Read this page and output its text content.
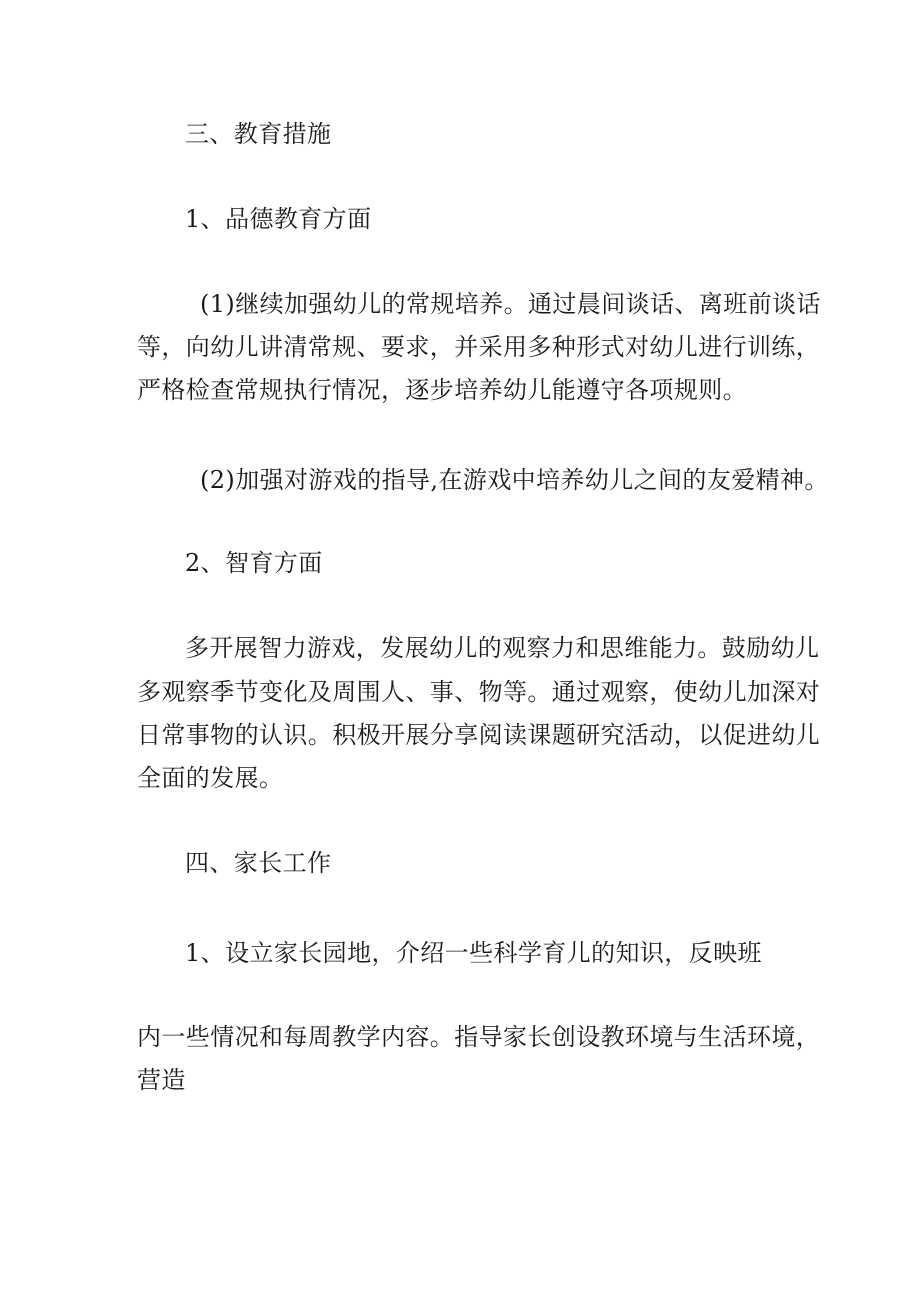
三、教育措施
1、品德教育方面
(1)继续加强幼儿的常规培养。通过晨间谈话、离班前谈话
等，向幼儿讲清常规、要求，并采用多种形式对幼儿进行训练，
严格检查常规执行情况，逐步培养幼儿能遵守各项规则。
(2)加强对游戏的指导,在游戏中培养幼儿之间的友爱精神。
2、智育方面
多开展智力游戏，发展幼儿的观察力和思维能力。鼓励幼儿
多观察季节变化及周围人、事、物等。通过观察，使幼儿加深对
日常事物的认识。积极开展分享阅读课题研究活动，以促进幼儿
全面的发展。
四、家长工作
1、设立家长园地，介绍一些科学育儿的知识，反映班
内一些情况和每周教学内容。指导家长创设教环境与生活环境，
营造
